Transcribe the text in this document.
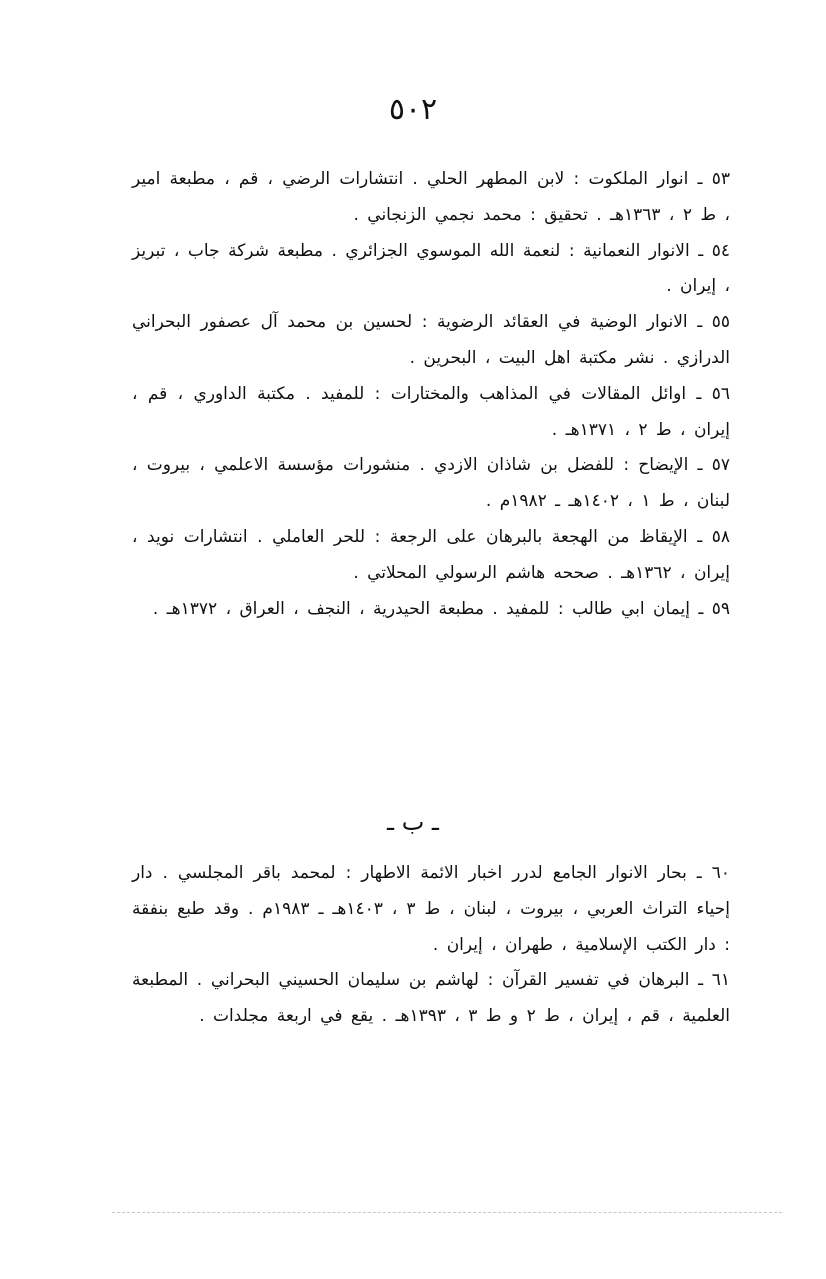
٥٠٢

٥٣ ـ انوار الملكوت : لابن المطهر الحلي . انتشارات الرضي ، قم ، مطبعة امير ، ط ٢ ، ١٣٦٣هـ . تحقيق : محمد نجمي الزنجاني .

٥٤ ـ الانوار النعمانية : لنعمة الله الموسوي الجزائري . مطبعة شركة جاب ، تبريز ، إيران .

٥٥ ـ الانوار الوضية في العقائد الرضوية : لحسين بن محمد آل عصفور البحراني الدرازي . نشر مكتبة اهل البيت ، البحرين .

٥٦ ـ اوائل المقالات في المذاهب والمختارات : للمفيد . مكتبة الداوري ، قم ، إيران ، ط ٢ ، ١٣٧١هـ .

٥٧ ـ الإيضاح : للفضل بن شاذان الازدي . منشورات مؤسسة الاعلمي ، بيروت ، لبنان ، ط ١ ، ١٤٠٢هـ ـ ١٩٨٢م .

٥٨ ـ الإيقاظ من الهجعة بالبرهان على الرجعة : للحر العاملي . انتشارات نويد ، إيران ، ١٣٦٢هـ . صححه هاشم الرسولي المحلاتي .

٥٩ ـ إيمان ابي طالب : للمفيد . مطبعة الحيدرية ، النجف ، العراق ، ١٣٧٢هـ .

ـ ب ـ

٦٠ ـ بحار الانوار الجامع لدرر اخبار الائمة الاطهار : لمحمد باقر المجلسي . دار إحياء التراث العربي ، بيروت ، لبنان ، ط ٣ ، ١٤٠٣هـ ـ ١٩٨٣م . وقد طبع بنفقة : دار الكتب الإسلامية ، طهران ، إيران .

٦١ ـ البرهان في تفسير القرآن : لهاشم بن سليمان الحسيني البحراني . المطبعة العلمية ، قم ، إيران ، ط ٢ و ط ٣ ، ١٣٩٣هـ . يقع في اربعة مجلدات .
